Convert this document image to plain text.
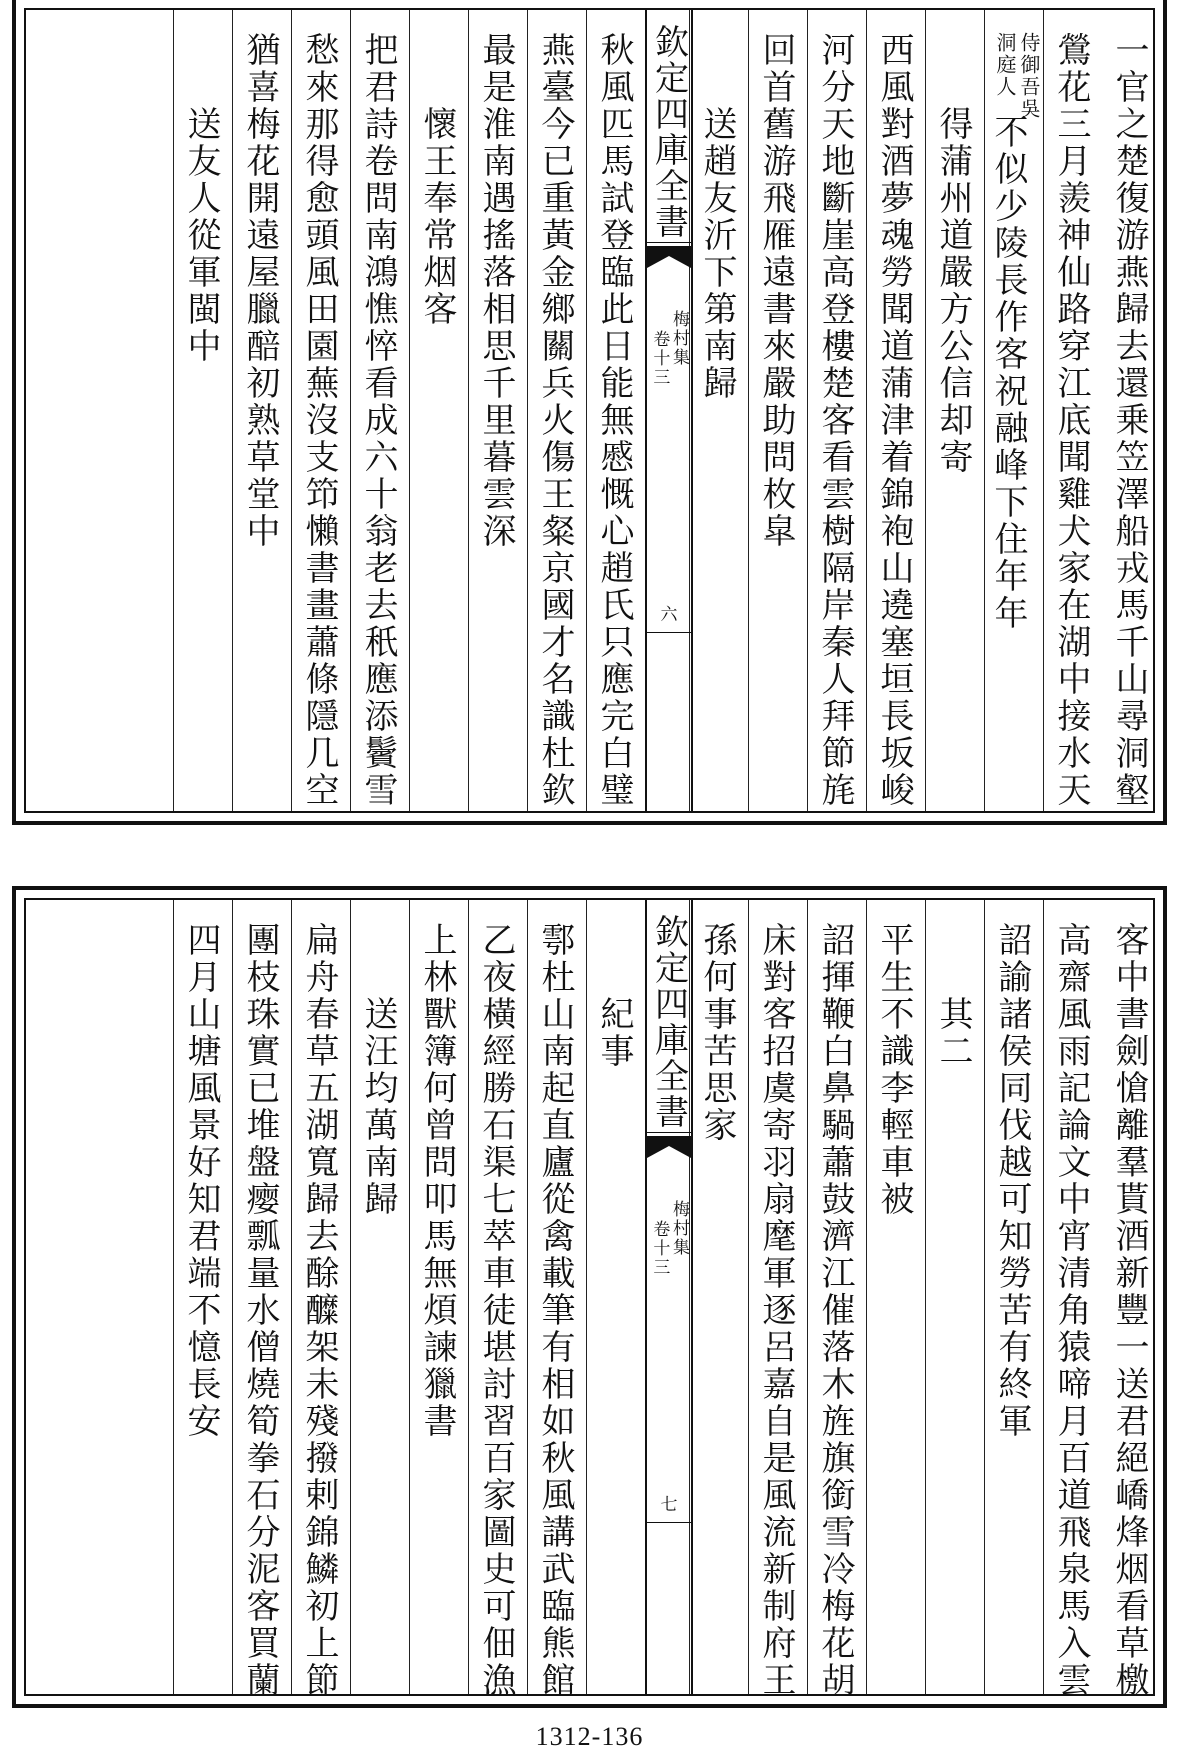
一官之楚復游燕歸去還乗笠澤船戎馬千山尋洞壑
鶯花三月羨神仙路穿江底聞雞犬家在湖中接水天
侍御吾吳
洞庭人
不似少陵長作客祝融峰下住年年
得蒲州道嚴方公信却寄
西風對酒夢魂勞聞道蒲津着錦袍山遶塞垣長坂峻
河分天地斷崖高登樓楚客看雲樹隔岸秦人拜節旄
回首舊游飛雁遠書來嚴助問枚皐
送趙友沂下第南歸
欽定四庫全書
梅村集
卷十三
六
秋風匹馬試登臨此日能無慼慨心趙氏只應完白璧
燕臺今已重黃金鄉關兵火傷王粲京國才名識杜欽
最是淮南遇搖落相思千里暮雲深
懷王奉常烟客
把君詩卷問南鴻憔悴看成六十翁老去秖應添鬢雪
愁來那得愈頭風田園蕪沒支笻懶書畫蕭條隱几空
猶喜梅花開遠屋臘醅初熟草堂中
送友人從軍閩中
客中書劍愴離羣貰酒新豐一送君絕嶠烽烟看草檄
高齋風雨記論文中宵清角猿啼月百道飛泉馬入雲
詔諭諸侯同伐越可知勞苦有終軍
其二
平生不識李輕車被
詔揮鞭白鼻騧蕭鼓濟江催落木旌旗銜雪冷梅花胡
床對客招虞寄羽扇麾軍逐呂嘉自是風流新制府王
孫何事苦思家
欽定四庫全書
梅村集
卷十三
七
紀事
鄠杜山南起直廬從禽載筆有相如秋風講武臨熊館
乙夜橫經勝石渠七萃車徒堪討習百家圖史可佃漁
上林獸簿何曾問叩馬無煩諫獵書
送汪均萬南歸
扁舟春草五湖寬歸去酴醾架未殘撥剌錦鱗初上節
團枝珠實已堆盤瘿瓢量水僧燒筍拳石分泥客買蘭
四月山塘風景好知君端不憶長安
1312-136
